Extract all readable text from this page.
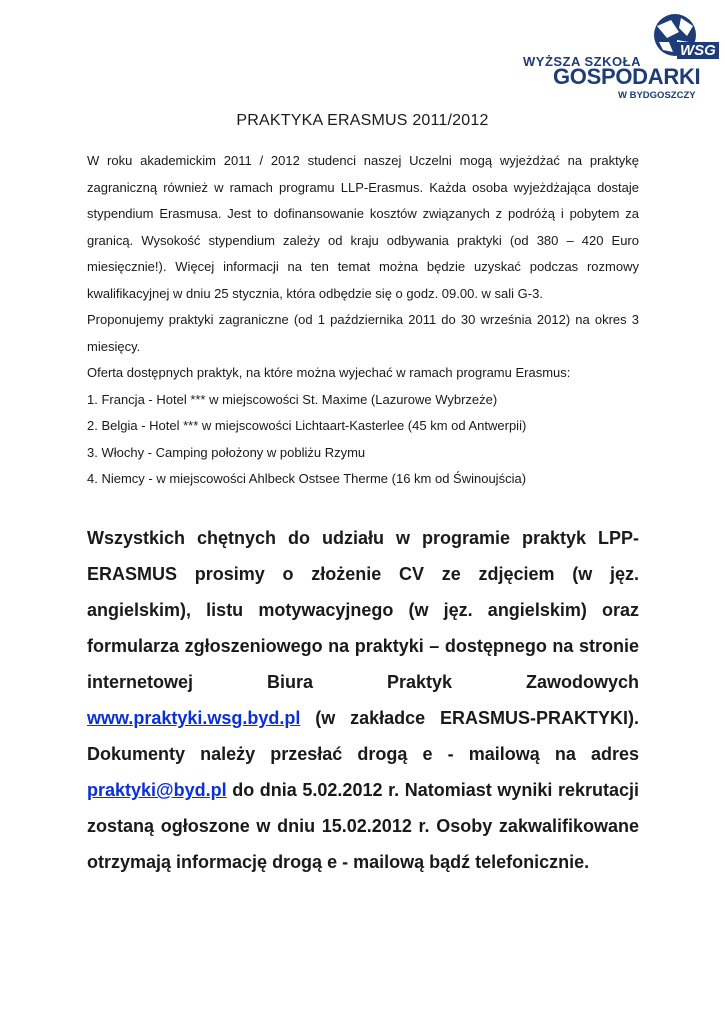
WSG
WYŻSZA SZKOŁA
GOSPODARKI
W BYDGOSZCZY
PRAKTYKA ERASMUS 2011/2012

W roku akademickim 2011 / 2012 studenci naszej Uczelni mogą wyjeżdżać na praktykę zagraniczną również w ramach programu LLP-Erasmus. Każda osoba wyjeżdżająca dostaje stypendium Erasmusa. Jest to dofinansowanie kosztów związanych z podróżą i pobytem za granicą. Wysokość stypendium zależy od kraju odbywania praktyki (od 380 – 420 Euro miesięcznie!). Więcej informacji na ten temat można będzie uzyskać podczas rozmowy kwalifikacyjnej w dniu 25 stycznia, która odbędzie się o godz. 09.00. w sali G-3.

Proponujemy praktyki zagraniczne (od 1 października 2011 do 30 września 2012) na okres 3 miesięcy.

Oferta dostępnych praktyk, na które można wyjechać w ramach programu Erasmus:

1. Francja - Hotel *** w miejscowości St. Maxime (Lazurowe Wybrzeże)

2. Belgia - Hotel *** w miejscowości Lichtaart-Kasterlee (45 km od Antwerpii)

3. Włochy - Camping położony w pobliżu Rzymu

4. Niemcy - w miejscowości Ahlbeck Ostsee Therme (16 km od Świnoujścia)

Wszystkich chętnych do udziału w programie praktyk LPP-ERASMUS prosimy o złożenie CV ze zdjęciem (w jęz. angielskim), listu motywacyjnego (w jęz. angielskim) oraz formularza zgłoszeniowego na praktyki – dostępnego na stronie internetowej Biura Praktyk Zawodowych www.praktyki.wsg.byd.pl (w zakładce ERASMUS-PRAKTYKI). Dokumenty należy przesłać drogą e - mailową na adres praktyki@byd.pl do dnia 5.02.2012 r. Natomiast wyniki rekrutacji zostaną ogłoszone w dniu 15.02.2012 r. Osoby zakwalifikowane otrzymają informację drogą e - mailową bądź telefonicznie.
